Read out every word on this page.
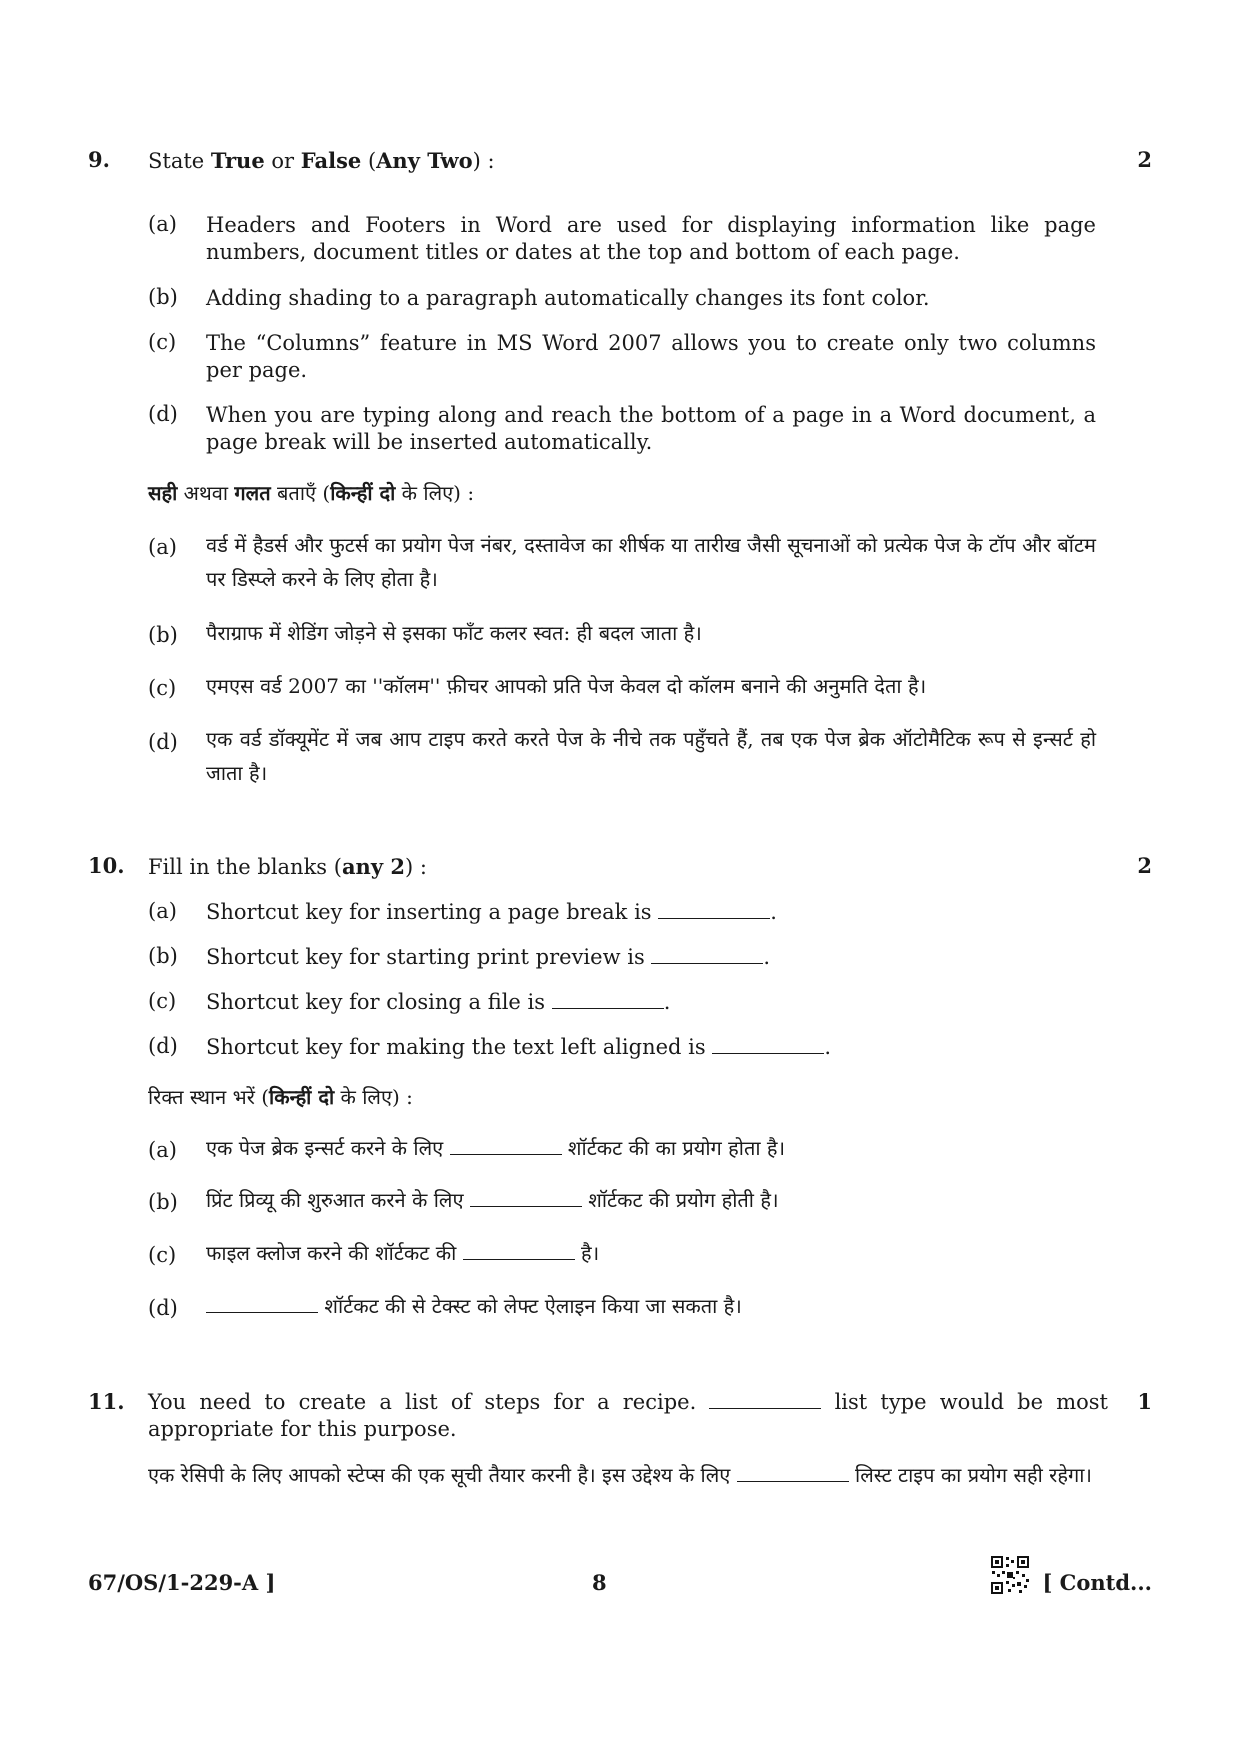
9. State True or False (Any Two) :	2
(a) Headers and Footers in Word are used for displaying information like page numbers, document titles or dates at the top and bottom of each page.
(b) Adding shading to a paragraph automatically changes its font color.
(c) The “Columns” feature in MS Word 2007 allows you to create only two columns per page.
(d) When you are typing along and reach the bottom of a page in a Word document, a page break will be inserted automatically.
सही अथवा गलत बताएँ (किन्हीं दो के लिए) :
(a) वर्ड में हैडर्स और फुटर्स का प्रयोग पेज नंबर, दस्तावेज का शीर्षक या तारीख जैसी सूचनाओं को प्रत्येक पेज के टॉप और बॉटम पर डिस्प्ले करने के लिए होता है।
(b) पैराग्राफ में शेडिंग जोड़ने से इसका फाँट कलर स्वत: ही बदल जाता है।
(c) एमएस वर्ड 2007 का ''कॉलम'' फ़ीचर आपको प्रति पेज केवल दो कॉलम बनाने की अनुमति देता है।
(d) एक वर्ड डॉक्यूमेंट में जब आप टाइप करते करते पेज के नीचे तक पहुँचते हैं, तब एक पेज ब्रेक ऑटोमैटिक रूप से इन्सर्ट हो जाता है।
10. Fill in the blanks (any 2) :	2
(a) Shortcut key for inserting a page break is	.
(b) Shortcut key for starting print preview is	.
(c) Shortcut key for closing a file is	.
(d) Shortcut key for making the text left aligned is	.
रिक्त स्थान भरें (किन्हीं दो के लिए) :
(a) एक पेज ब्रेक इन्सर्ट करने के लिए	शॉर्टकट की का प्रयोग होता है।
(b) प्रिंट प्रिव्यू की शुरुआत करने के लिए	शॉर्टकट की प्रयोग होती है।
(c) फाइल क्लोज करने की शॉर्टकट की	है।
(d)	शॉर्टकट की से टेक्स्ट को लेफ्ट ऐलाइन किया जा सकता है।
11. You need to create a list of steps for a recipe.	list type would be most appropriate for this purpose.
1
एक रेसिपी के लिए आपको स्टेप्स की एक सूची तैयार करनी है। इस उद्देश्य के लिए	लिस्ट टाइप का प्रयोग सही रहेगा।
67/OS/1-229-A ]	8	[ Contd...
